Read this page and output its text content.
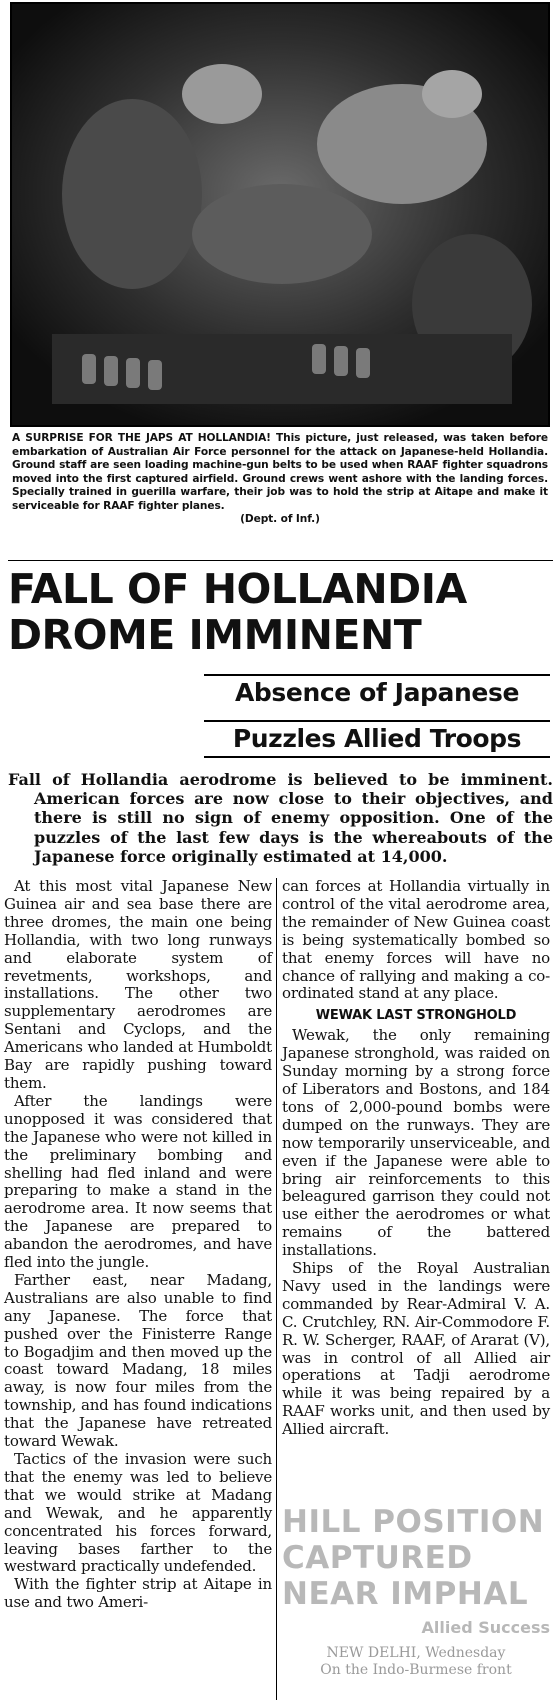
A SURPRISE FOR THE JAPS AT HOLLANDIA! This picture, just released, was taken before embarkation of Australian Air Force personnel for the attack on Japanese-held Hollandia. Ground staff are seen loading machine-gun belts to be used when RAAF fighter squadrons moved into the first captured airfield. Ground crews went ashore with the landing forces. Specially trained in guerilla warfare, their job was to hold the strip at Aitape and make it serviceable for RAAF fighter planes.
(Dept. of Inf.)
FALL OF HOLLANDIA
DROME IMMINENT
Absence of Japanese
Puzzles Allied Troops

Fall of Hollandia aerodrome is believed to be imminent. American forces are now close to their objectives, and there is still no sign of enemy opposition. One of the puzzles of the last few days is the whereabouts of the Japanese force originally estimated at 14,000.

At this most vital Japanese New Guinea air and sea base there are three dromes, the main one being Hollandia, with two long runways and elaborate system of revetments, workshops, and installations. The other two supplementary aerodromes are Sentani and Cyclops, and the Americans who landed at Humboldt Bay are rapidly pushing toward them.

After the landings were unopposed it was considered that the Japanese who were not killed in the preliminary bombing and shelling had fled inland and were preparing to make a stand in the aerodrome area. It now seems that the Japanese are prepared to abandon the aerodromes, and have fled into the jungle.

Farther east, near Madang, Australians are also unable to find any Japanese. The force that pushed over the Finisterre Range to Bogadjim and then moved up the coast toward Madang, 18 miles away, is now four miles from the township, and has found indications that the Japanese have retreated toward Wewak.

Tactics of the invasion were such that the enemy was led to believe that we would strike at Madang and Wewak, and he apparently concentrated his forces forward, leaving bases farther to the westward practically undefended.

With the fighter strip at Aitape in use and two Ameri-

can forces at Hollandia virtually in control of the vital aerodrome area, the remainder of New Guinea coast is being systematically bombed so that enemy forces will have no chance of rallying and making a co-ordinated stand at any place.

WEWAK LAST STRONGHOLD

Wewak, the only remaining Japanese stronghold, was raided on Sunday morning by a strong force of Liberators and Bostons, and 184 tons of 2,000-pound bombs were dumped on the runways. They are now temporarily unserviceable, and even if the Japanese were able to bring air reinforcements to this beleagured garrison they could not use either the aerodromes or what remains of the battered installations.

Ships of the Royal Australian Navy used in the landings were commanded by Rear-Admiral V. A. C. Crutchley, RN. Air-Commodore F. R. W. Scherger, RAAF, of Ararat (V), was in control of all Allied air operations at Tadji aerodrome while it was being repaired by a RAAF works unit, and then used by Allied aircraft.

HILL POSITION
CAPTURED
NEAR IMPHAL
Allied Success
NEW DELHI, Wednesday
On the Indo-Burmese front
